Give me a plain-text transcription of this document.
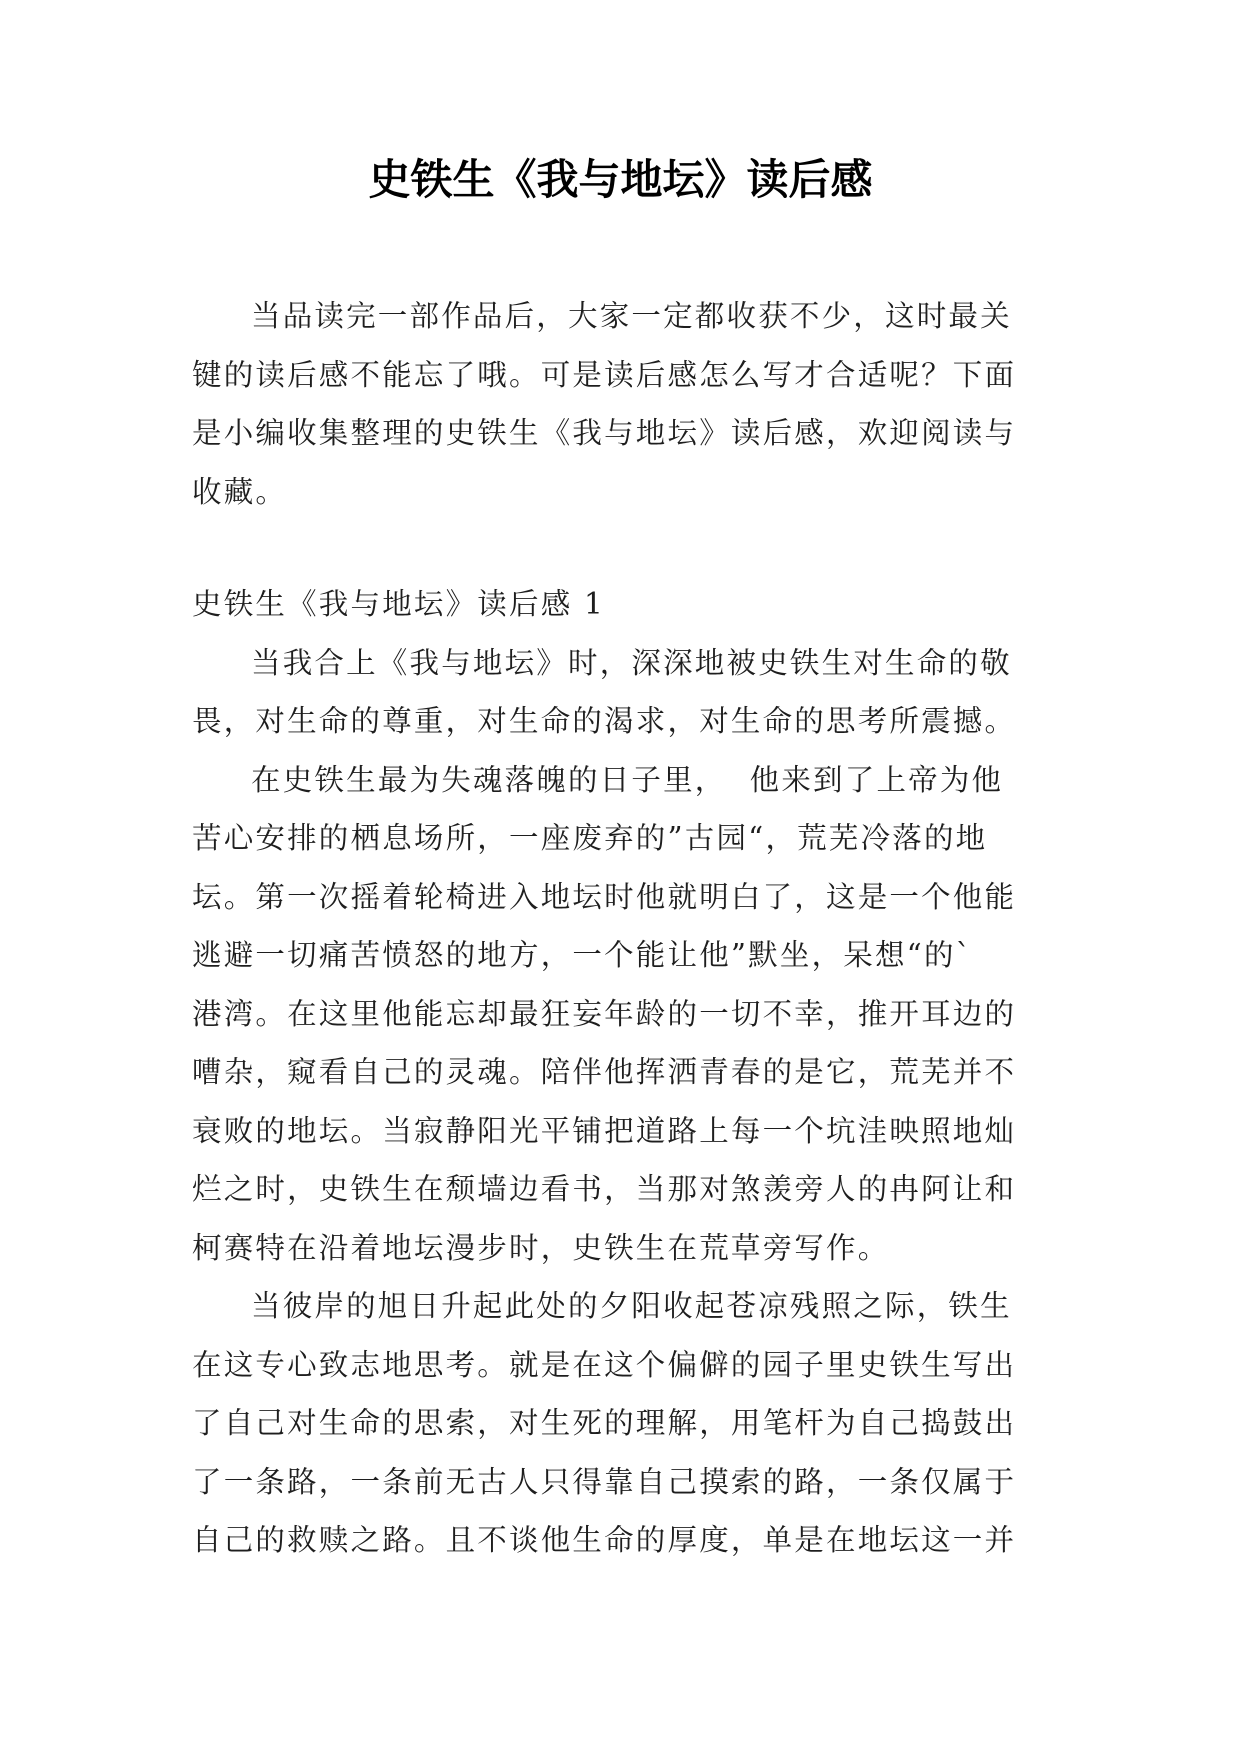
史铁生《我与地坛》读后感

当品读完一部作品后，大家一定都收获不少，这时最关
键的读后感不能忘了哦。可是读后感怎么写才合适呢？下面
是小编收集整理的史铁生《我与地坛》读后感，欢迎阅读与
收藏。

史铁生《我与地坛》读后感 1

当我合上《我与地坛》时，深深地被史铁生对生命的敬
畏，对生命的尊重，对生命的渴求，对生命的思考所震撼。

在史铁生最为失魂落魄的日子里，  他来到了上帝为他
苦心安排的栖息场所，一座废弃的”古园“，荒芜冷落的地
坛。第一次摇着轮椅进入地坛时他就明白了，这是一个他能
逃避一切痛苦愤怒的地方，一个能让他”默坐，呆想“的`
港湾。在这里他能忘却最狂妄年龄的一切不幸，推开耳边的
嘈杂，窥看自己的灵魂。陪伴他挥洒青春的是它，荒芜并不
衰败的地坛。当寂静阳光平铺把道路上每一个坑洼映照地灿
烂之时，史铁生在颓墙边看书，当那对煞羡旁人的冉阿让和
柯赛特在沿着地坛漫步时，史铁生在荒草旁写作。

当彼岸的旭日升起此处的夕阳收起苍凉残照之际，铁生
在这专心致志地思考。就是在这个偏僻的园子里史铁生写出
了自己对生命的思索，对生死的理解，用笔杆为自己捣鼓出
了一条路，一条前无古人只得靠自己摸索的路，一条仅属于
自己的救赎之路。且不谈他生命的厚度，单是在地坛这一并
